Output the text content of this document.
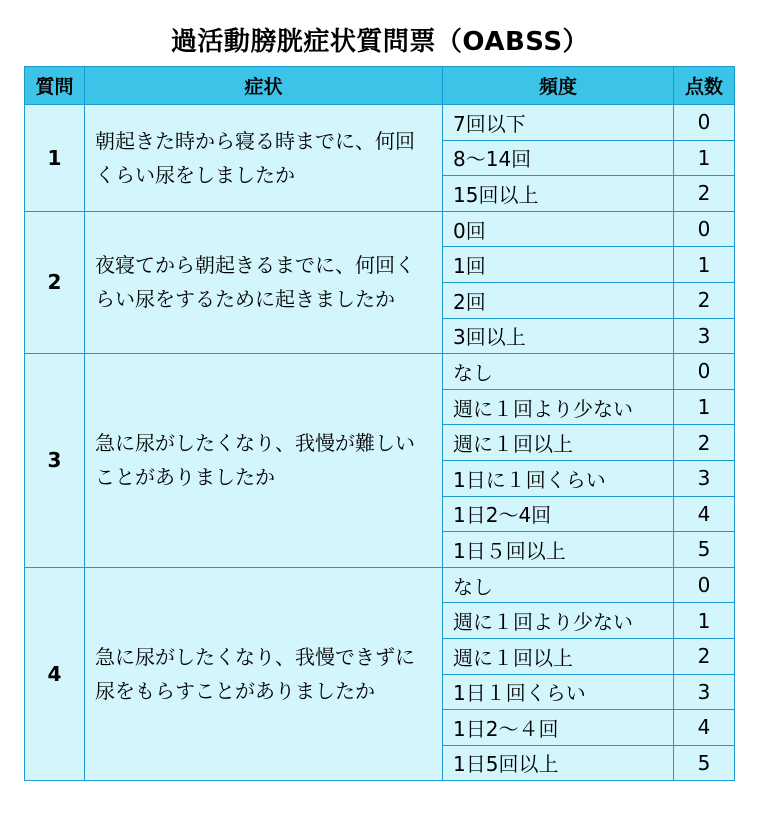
過活動膀胱症状質問票（OABSS）
質問	症状	頻度	点数
1	朝起きた時から寝る時までに、何回くらい尿をしましたか	7回以下	0
		8〜14回	1
		15回以上	2
2	夜寝てから朝起きるまでに、何回くらい尿をするために起きましたか	0回	0
		1回	1
		2回	2
		3回以上	3
3	急に尿がしたくなり、我慢が難しいことがありましたか	なし	0
		週に１回より少ない	1
		週に１回以上	2
		1日に１回くらい	3
		1日2〜4回	4
		1日５回以上	5
4	急に尿がしたくなり、我慢できずに尿をもらすことがありましたか	なし	0
		週に１回より少ない	1
		週に１回以上	2
		1日１回くらい	3
		1日2〜４回	4
		1日5回以上	5
